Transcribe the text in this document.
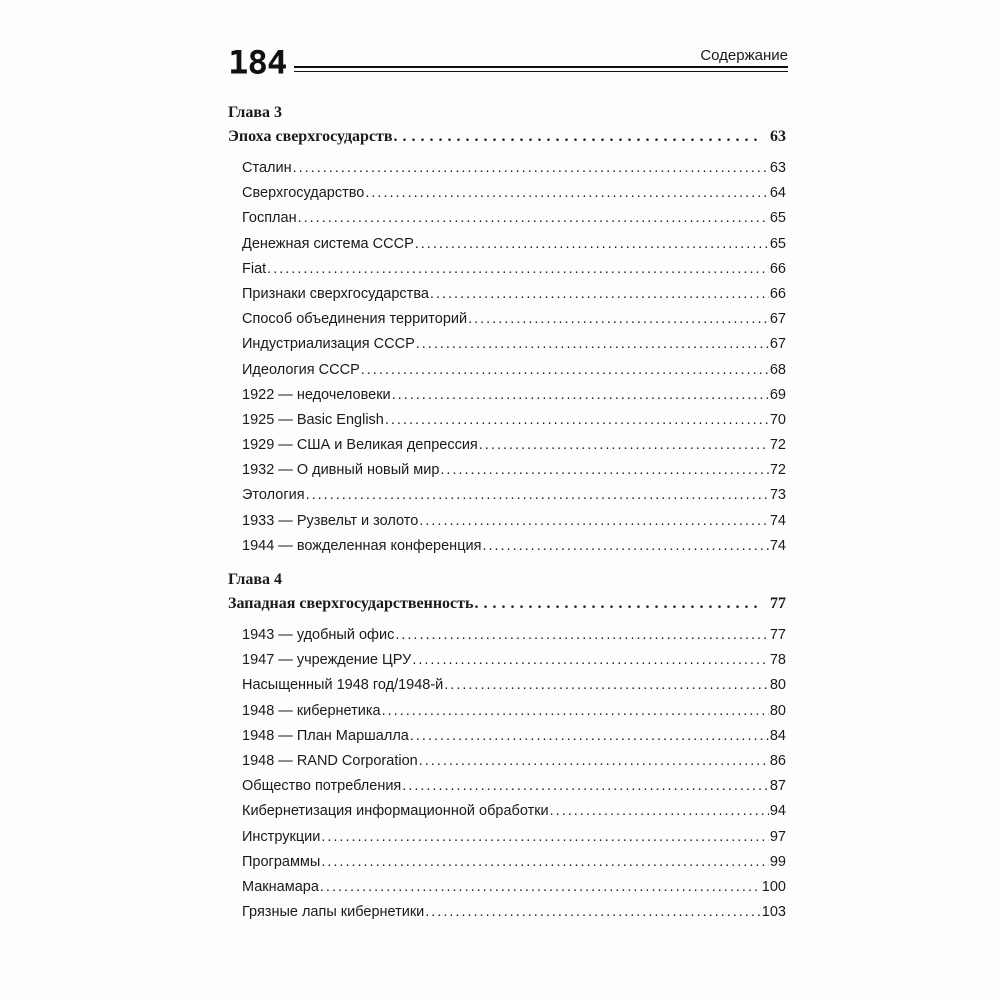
184	Содержание
Глава 3
Эпоха сверхгосударств .....	63
Сталин .....	63
Сверхгосударство .....	64
Госплан .....	65
Денежная система СССР .....	65
Fiat .....	66
Признаки сверхгосударства .....	66
Способ объединения территорий .....	67
Индустриализация СССР .....	67
Идеология СССР .....	68
1922 — недочеловеки .....	69
1925 — Basic English .....	70
1929 — США и Великая депрессия .....	72
1932 — О дивный новый мир .....	72
Этология .....	73
1933 — Рузвельт и золото .....	74
1944 — вожделенная конференция .....	74
Глава 4
Западная сверхгосударственность .....	77
1943 — удобный офис .....	77
1947 — учреждение ЦРУ .....	78
Насыщенный 1948 год/1948-й .....	80
1948 — кибернетика .....	80
1948 — План Маршалла .....	84
1948 — RAND Corporation .....	86
Общество потребления .....	87
Кибернетизация информационной обработки .....	94
Инструкции .....	97
Программы .....	99
Макнамара .....	100
Грязные лапы кибернетики .....	103
